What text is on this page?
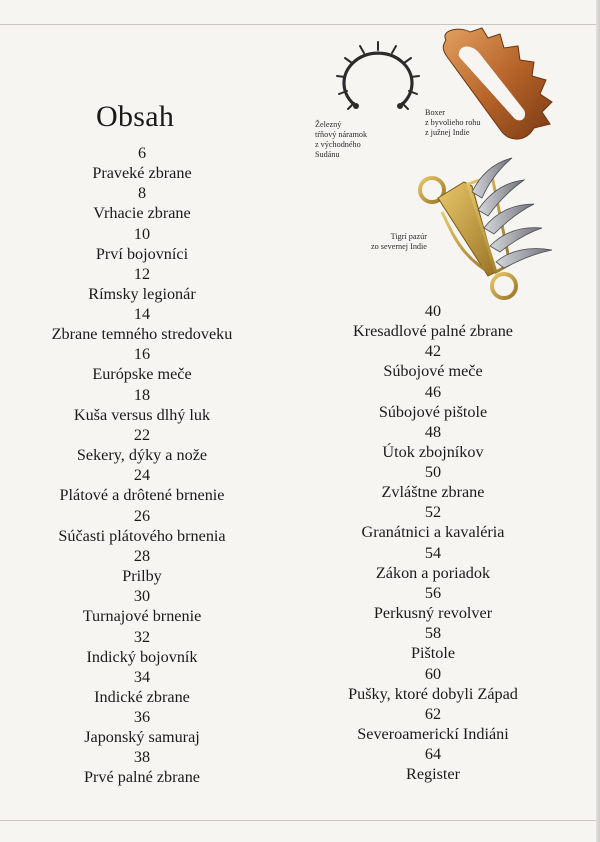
Obsah	Železný
tŕňový náramok
z východného
Sudánu
Boxer
z byvolieho rohu
z južnej Indie
Tigrí pazúr
zo severnej Indie
6
Praveké zbrane
8
Vrhacie zbrane
10
Prví bojovníci
12
Rímsky legionár
14
Zbrane temného stredoveku
16
Európske meče
18
Kuša versus dlhý luk
22
Sekery, dýky a nože
24
Plátové a drôtené brnenie
26
Súčasti plátového brnenia
28
Prilby
30
Turnajové brnenie
32
Indický bojovník
34
Indické zbrane
36
Japonský samuraj
38
Prvé palné zbrane
40
Kresadlové palné zbrane
42
Súbojové meče
46
Súbojové pištole
48
Útok zbojníkov
50
Zvláštne zbrane
52
Granátnici a kavaléria
54
Zákon a poriadok
56
Perkusný revolver
58
Pištole
60
Pušky, ktoré dobyli Západ
62
Severoamerickí Indiáni
64
Register
